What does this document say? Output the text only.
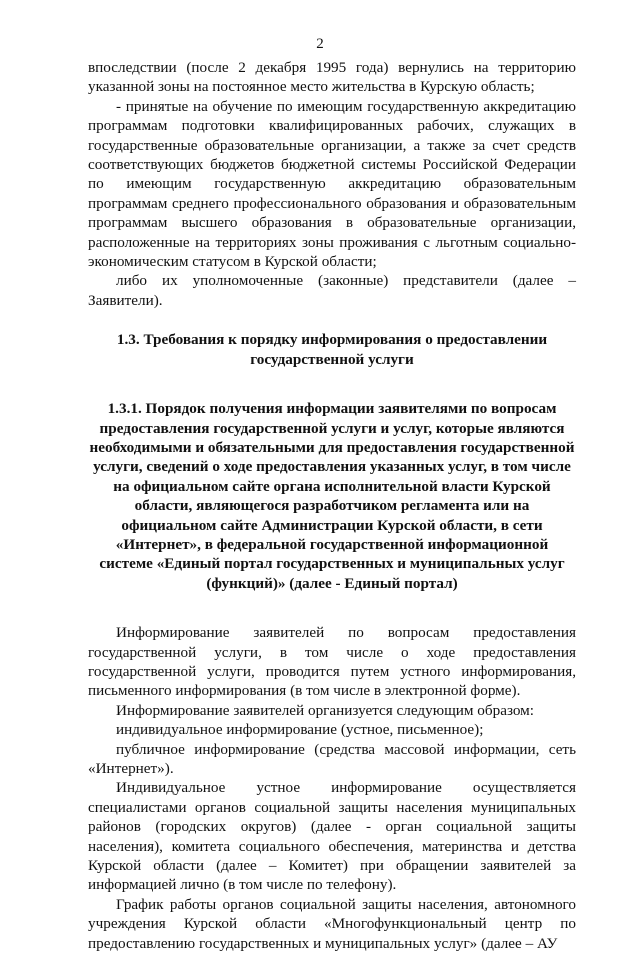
2

впоследствии (после 2 декабря 1995 года) вернулись на территорию указанной зоны на постоянное место жительства в Курскую область;

- принятые на обучение по имеющим государственную аккредитацию программам подготовки квалифицированных рабочих, служащих в государственные образовательные организации, а также за счет средств соответствующих бюджетов бюджетной системы Российской Федерации по имеющим государственную аккредитацию образовательным программам среднего профессионального образования и образовательным программам высшего образования в образовательные организации, расположенные на территориях зоны проживания с льготным социально-экономическим статусом в Курской области;

либо их уполномоченные (законные) представители (далее – Заявители).

1.3. Требования к порядку информирования о предоставлении государственной услуги

1.3.1. Порядок получения информации заявителями по вопросам предоставления государственной услуги и услуг, которые являются необходимыми и обязательными для предоставления государственной услуги, сведений о ходе предоставления указанных услуг, в том числе на официальном сайте органа исполнительной власти Курской области, являющегося разработчиком регламента или на официальном сайте Администрации Курской области, в сети «Интернет», в федеральной государственной информационной системе «Единый портал государственных и муниципальных услуг (функций)» (далее - Единый портал)

Информирование заявителей по вопросам предоставления государственной услуги, в том числе о ходе предоставления государственной услуги, проводится путем устного информирования, письменного информирования (в том числе в электронной форме).

Информирование заявителей организуется следующим образом:

индивидуальное информирование (устное, письменное);

публичное информирование (средства массовой информации, сеть «Интернет»).

Индивидуальное устное информирование осуществляется специалистами органов социальной защиты населения муниципальных районов (городских округов) (далее - орган социальной защиты населения), комитета социального обеспечения, материнства и детства Курской области (далее – Комитет) при обращении заявителей за информацией лично (в том числе по телефону).

График работы органов социальной защиты населения, автономного учреждения Курской области «Многофункциональный центр по предоставлению государственных и муниципальных услуг» (далее – АУ
